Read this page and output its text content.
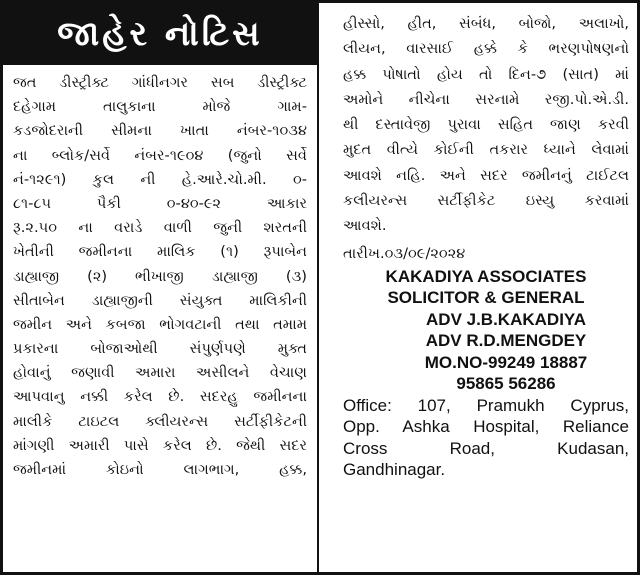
જાહેર નોટિસ
જત ડીસ્ટ્રીક્ટ ગાંધીનગર સબ ડીસ્ટ્રીક્ટ
દહેગામ તાલુકાના મોજે ગામ-
કડજોદરાની સીમના ખાતા નંબર-૧૦૩૪
ના બ્લોક/સર્વે નંબર-૧૯૦૪ (જુનો સર્વે
નં-૧૨૯૧) કુલ ની હે.આરે.ચો.મી. ૦-
૮૧-૮૫ પૈકી ૦-૪૦-૯૨ આકાર
રૂ.૨.૫૦ ના વરાડે વાળી જુની શરતની
ખેતીની જમીનના માલિક (૧) રૂપાબેન
ડાહ્યાજી (૨) ભીખાજી ડાહ્યાજી (૩)
સીતાબેન ડાહ્યાજીની સંયુક્ત માલિકીની
જમીન અને કબજા ભોગવટાની તથા તમામ
પ્રકારના બોજાઓથી સંપુર્ણપણે મુક્ત
હોવાનું જણાવી અમારા અસીલને વેચાણ
આપવાનુ નક્કી કરેલ છે. સદરહુ જમીનના
માલીકે ટાઇટલ ક્લીયરન્સ સર્ટીફીકેટની
માંગણી અમારી પાસે કરેલ છે. જેથી સદર
જમીનમાં કોઇનો લાગભાગ, હક્ક,
હીસ્સો, હીત, સંબંધ, બોજો, અલાખો,
લીયન, વારસાઈ હક્કે કે ભરણપોષણનો
હક્ક પોષાતો હોય તો દિન-૭ (સાત) માં
અમોને નીચેના સરનામે રજી.પો.એ.ડી.
થી દસ્તાવેજી પુરાવા સહિત જાણ કરવી
મુદત વીત્યે કોઈની તકરાર ધ્યાને લેવામાં
આવશે નહિ. અને સદર જમીનનું ટાઈટલ
કલીયરન્સ સર્ટીફીકેટ ઇસ્યુ કરવામાં
આવશે.
તારીખ.૦૩/૦૯/૨૦૨૪
KAKADIYA ASSOCIATES
SOLICITOR & GENERAL
ADV J.B.KAKADIYA
ADV R.D.MENGDEY
MO.NO-99249 18887
95865 56286
Office: 107, Pramukh Cyprus,
Opp. Ashka Hospital, Reliance
Cross Road, Kudasan,
Gandhinagar.
